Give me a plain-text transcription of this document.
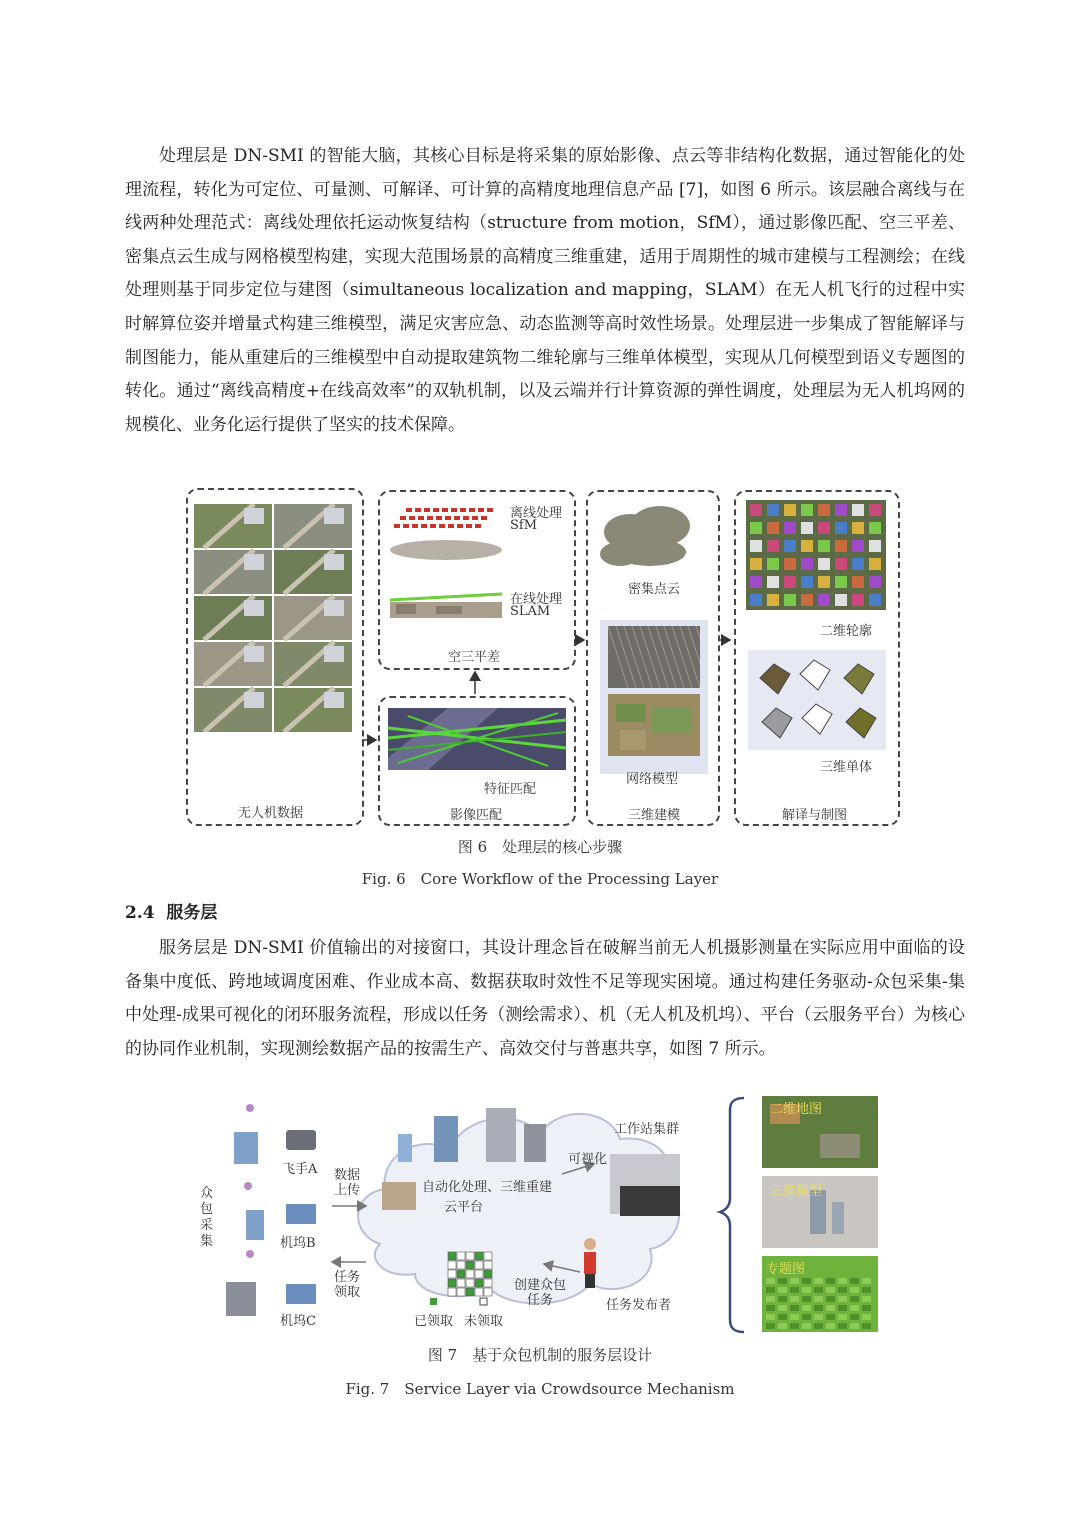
处理层是 DN-SMI 的智能大脑，其核心目标是将采集的原始影像、点云等非结构化数据，通过智能化的处理流程，转化为可定位、可量测、可解译、可计算的高精度地理信息产品 [7]，如图 6 所示。该层融合离线与在线两种处理范式：离线处理依托运动恢复结构（structure from motion，SfM），通过影像匹配、空三平差、密集点云生成与网格模型构建，实现大范围场景的高精度三维重建，适用于周期性的城市建模与工程测绘；在线处理则基于同步定位与建图（simultaneous localization and mapping，SLAM）在无人机飞行的过程中实时解算位姿并增量式构建三维模型，满足灾害应急、动态监测等高时效性场景。处理层进一步集成了智能解译与制图能力，能从重建后的三维模型中自动提取建筑物二维轮廓与三维单体模型，实现从几何模型到语义专题图的转化。通过“离线高精度+在线高效率”的双轨机制，以及云端并行计算资源的弹性调度，处理层为无人机坞网的规模化、业务化运行提供了坚实的技术保障。

无人机数据
特征匹配
影像匹配
离线处理
SfM
在线处理
SLAM
空三平差
密集点云
网络模型
三维建模
二维轮廓
三维单体
解译与制图
图 6　处理层的核心步骤
Fig. 6　Core Workflow of the Processing Layer
2.4 服务层

服务层是 DN-SMI 价值输出的对接窗口，其设计理念旨在破解当前无人机摄影测量在实际应用中面临的设备集中度低、跨地域调度困难、作业成本高、数据获取时效性不足等现实困境。通过构建任务驱动-众包采集-集中处理-成果可视化的闭环服务流程，形成以任务（测绘需求）、机（无人机及机坞）、平台（云服务平台）为核心的协同作业机制，实现测绘数据产品的按需生产、高效交付与普惠共享，如图 7 所示。

众包采集
飞手A
机坞B
机坞C
数据上传
任务领取
自动化处理、三维重建
云平台
可视化
工作站集群
创建众包任务	任务发布者
已领取 未领取
二维地图
三维模型
专题图
图 7　基于众包机制的服务层设计
Fig. 7　Service Layer via Crowdsource Mechanism
